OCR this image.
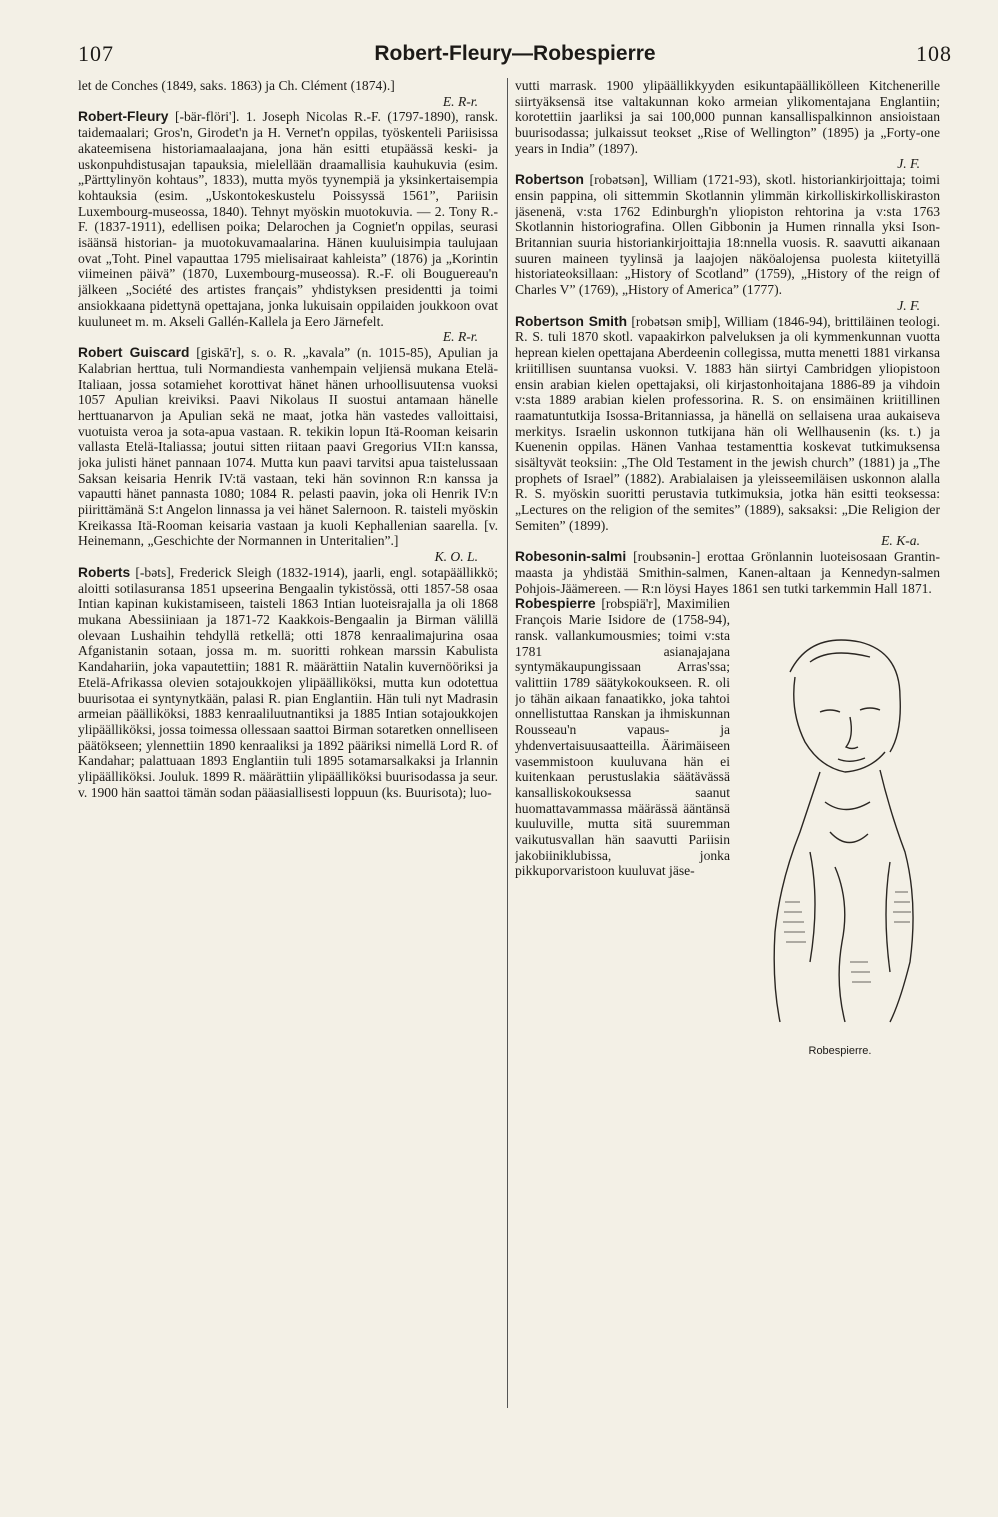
107	Robert-Fleury—Robespierre	108

let de Conches (1849, saks. 1863) ja Ch. Clément (1874).]
E. R-r.

Robert-Fleury [-bär-flöri']. 1. Joseph Nicolas R.-F. (1797-1890), ransk. taidemaalari; Gros'n, Girodet'n ja H. Vernet'n oppilas, työskenteli Pariisissa akateemisena historiamaalaajana, jona hän esitti etupäässä keski- ja uskonpuhdistusajan tapauksia, mielellään draamallisia kauhukuvia (esim. „Pärttylinyön kohtaus”, 1833), mutta myös tyynempiä ja yksinkertaisempia kohtauksia (esim. „Uskontokeskustelu Poissyssä 1561”, Pariisin Luxembourg-museossa, 1840). Tehnyt myöskin muotokuvia. — 2. Tony R.-F. (1837-1911), edellisen poika; Delarochen ja Cogniet'n oppilas, seurasi isäänsä historian- ja muotokuvamaalarina. Hänen kuuluisimpia taulujaan ovat „Toht. Pinel vapauttaa 1795 mielisairaat kahleista” (1876) ja „Korintin viimeinen päivä” (1870, Luxembourg-museossa). R.-F. oli Bouguereau'n jälkeen „Société des artistes français” yhdistyksen presidentti ja toimi ansiokkaana pidettynä opettajana, jonka lukuisain oppilaiden joukkoon ovat kuuluneet m. m. Akseli Gallén-Kallela ja Eero Järnefelt.
E. R-r.

Robert Guiscard [giskā'r], s. o. R. „kavala” (n. 1015-85), Apulian ja Kalabrian herttua, tuli Normandiesta vanhempain veljiensä mukana Etelä-Italiaan, jossa sotamiehet korottivat hänet hänen urhoollisuutensa vuoksi 1057 Apulian kreiviksi. Paavi Nikolaus II suostui antamaan hänelle herttuanarvon ja Apulian sekä ne maat, jotka hän vastedes valloittaisi, vuotuista veroa ja sota-apua vastaan. R. tekikin lopun Itä-Rooman keisarin vallasta Etelä-Italiassa; joutui sitten riitaan paavi Gregorius VII:n kanssa, joka julisti hänet pannaan 1074. Mutta kun paavi tarvitsi apua taistelussaan Saksan keisaria Henrik IV:tä vastaan, teki hän sovinnon R:n kanssa ja vapautti hänet pannasta 1080; 1084 R. pelasti paavin, joka oli Henrik IV:n piirittämänä S:t Angelon linnassa ja vei hänet Salernoon. R. taisteli myöskin Kreikassa Itä-Rooman keisaria vastaan ja kuoli Kephallenian saarella. [v. Heinemann, „Geschichte der Normannen in Unteritalien”.]
K. O. L.

Roberts [-bəts], Frederick Sleigh (1832-1914), jaarli, engl. sotapäällikkö; aloitti sotilasuransa 1851 upseerina Bengaalin tykistössä, otti 1857-58 osaa Intian kapinan kukistamiseen, taisteli 1863 Intian luoteisrajalla ja oli 1868 mukana Abessiiniaan ja 1871-72 Kaakkois-Bengaalin ja Birman välillä olevaan Lushaihin tehdyllä retkellä; otti 1878 kenraalimajurina osaa Afganistanin sotaan, jossa m. m. suoritti rohkean marssin Kabulista Kandahariin, joka vapautettiin; 1881 R. määrättiin Natalin kuvernööriksi ja Etelä-Afrikassa olevien sotajoukkojen ylipäälliköksi, mutta kun odotettua buurisotaa ei syntynytkään, palasi R. pian Englantiin. Hän tuli nyt Madrasin armeian päälliköksi, 1883 kenraaliluutnantiksi ja 1885 Intian sotajoukkojen ylipäälliköksi, jossa toimessa ollessaan saattoi Birman sotaretken onnelliseen päätökseen; ylennettiin 1890 kenraaliksi ja 1892 pääriksi nimellä Lord R. of Kandahar; palattuaan 1893 Englantiin tuli 1895 sotamarsalkaksi ja Irlannin ylipäälliköksi. Jouluk. 1899 R. määrättiin ylipäälliköksi buurisodassa ja seur. v. 1900 hän saattoi tämän sodan pääasiallisesti loppuun (ks. Buurisota); luo-

vutti marrask. 1900 ylipäällikkyyden esikuntapäällikölleen Kitchenerille siirtyäksensä itse valtakunnan koko armeian ylikomentajana Englantiin; korotettiin jaarliksi ja sai 100,000 punnan kansallispalkinnon ansioistaan buurisodassa; julkaissut teokset „Rise of Wellington” (1895) ja „Forty-one years in India” (1897).
J. F.

Robertson [robətsən], William (1721-93), skotl. historiankirjoittaja; toimi ensin pappina, oli sittemmin Skotlannin ylimmän kirkolliskirkolliskiraston jäsenenä, v:sta 1762 Edinburgh'n yliopiston rehtorina ja v:sta 1763 Skotlannin historiografina. Ollen Gibbonin ja Humen rinnalla yksi Ison-Britannian suuria historiankirjoittajia 18:nnella vuosis. R. saavutti aikanaan suuren maineen tyylinsä ja laajojen näköalojensa puolesta kiitetyillä historiateoksillaan: „History of Scotland” (1759), „History of the reign of Charles V” (1769), „History of America” (1777).
J. F.

Robertson Smith [robətsən smiþ], William (1846-94), brittiläinen teologi. R. S. tuli 1870 skotl. vapaakirkon palveluksen ja oli kymmenkunnan vuotta heprean kielen opettajana Aberdeenin collegissa, mutta menetti 1881 virkansa kriitillisen suuntansa vuoksi. V. 1883 hän siirtyi Cambridgen yliopistoon ensin arabian kielen opettajaksi, oli kirjastonhoitajana 1886-89 ja vihdoin v:sta 1889 arabian kielen professorina. R. S. on ensimäinen kriitillinen raamatuntutkija Isossa-Britanniassa, ja hänellä on sellaisena uraa aukaiseva merkitys. Israelin uskonnon tutkijana hän oli Wellhausenin (ks. t.) ja Kuenenin oppilas. Hänen Vanhaa testamenttia koskevat tutkimuksensa sisältyvät teoksiin: „The Old Testament in the jewish church” (1881) ja „The prophets of Israel” (1882). Arabialaisen ja yleisseemiläisen uskonnon alalla R. S. myöskin suoritti perustavia tutkimuksia, jotka hän esitti teoksessa: „Lectures on the religion of the semites” (1889), saksaksi: „Die Religion der Semiten” (1899).
E. K-a.

Robesonin-salmi [roubsənin-] erottaa Grönlannin luoteisosaan Grantin-maasta ja yhdistää Smithin-salmen, Kanen-altaan ja Kennedyn-salmen Pohjois-Jäämereen. — R:n löysi Hayes 1861 sen tutki tarkemmin Hall 1871.

Robespierre
Robespierre.
[robspiä'r], Maximilien François Marie Isidore de (1758-94), ransk. vallankumousmies; toimi v:sta 1781 asianajajana syntymäkaupungissaan Arras'ssa; valittiin 1789 säätykokoukseen. R. oli jo tähän aikaan fanaatikko, joka tahtoi onnellistuttaa Ranskan ja ihmiskunnan Rousseau'n vapaus- ja yhdenvertaisuusaatteilla. Äärimäiseen vasemmistoon kuuluvana hän ei kuitenkaan perustuslakia säätävässä kansalliskokouksessa saanut huomattavammassa määrässä ääntänsä kuuluville, mutta sitä suuremman vaikutusvallan hän saavutti Pariisin jakobiiniklubissa, jonka pikkuporvaristoon kuuluvat jäse-
